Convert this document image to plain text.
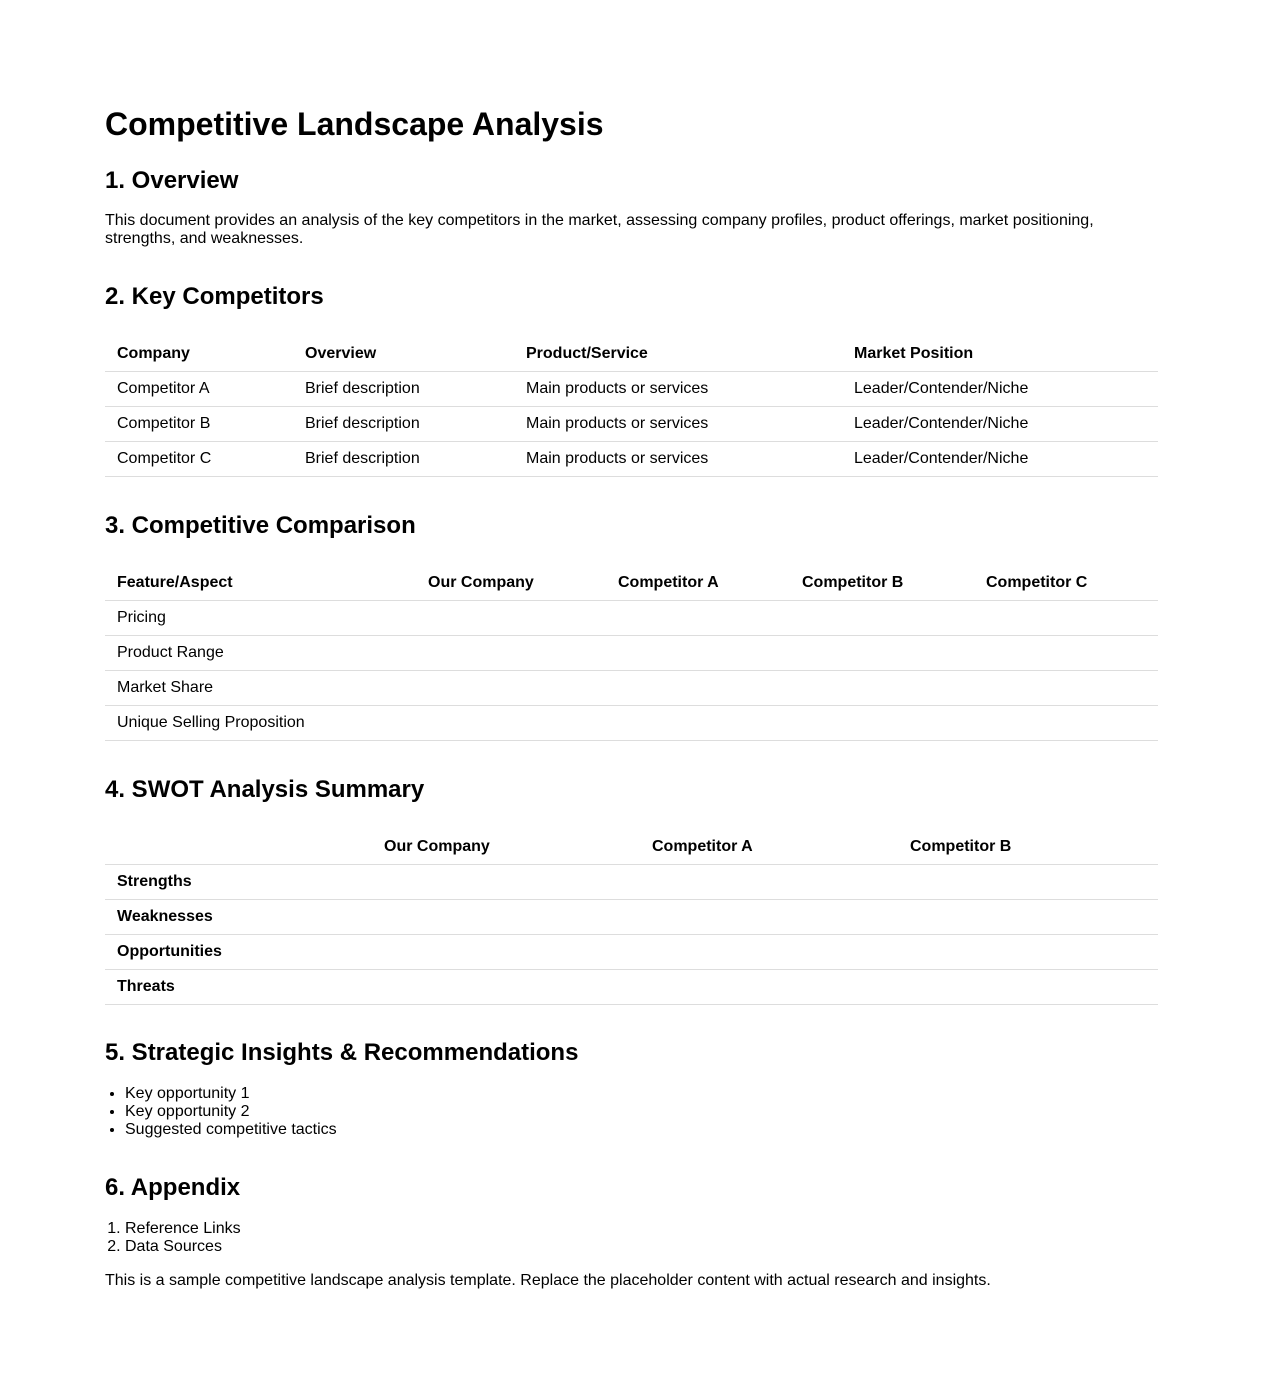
Competitive Landscape Analysis
1. Overview

This document provides an analysis of the key competitors in the market, assessing company profiles, product offerings, market positioning, strengths, and weaknesses.

2. Key Competitors
Company	Overview	Product/Service	Market Position
Competitor A	Brief description	Main products or services	Leader/Contender/Niche
Competitor B	Brief description	Main products or services	Leader/Contender/Niche
Competitor C	Brief description	Main products or services	Leader/Contender/Niche
3. Competitive Comparison
Feature/Aspect	Our Company	Competitor A	Competitor B	Competitor C
Pricing				
Product Range				
Market Share				
Unique Selling Proposition				
4. SWOT Analysis Summary
	Our Company	Competitor A	Competitor B
Strengths			
Weaknesses			
Opportunities			
Threats			
5. Strategic Insights & Recommendations
• Key opportunity 1
• Key opportunity 2
• Suggested competitive tactics
6. Appendix
1. Reference Links
2. Data Sources

This is a sample competitive landscape analysis template. Replace the placeholder content with actual research and insights.
